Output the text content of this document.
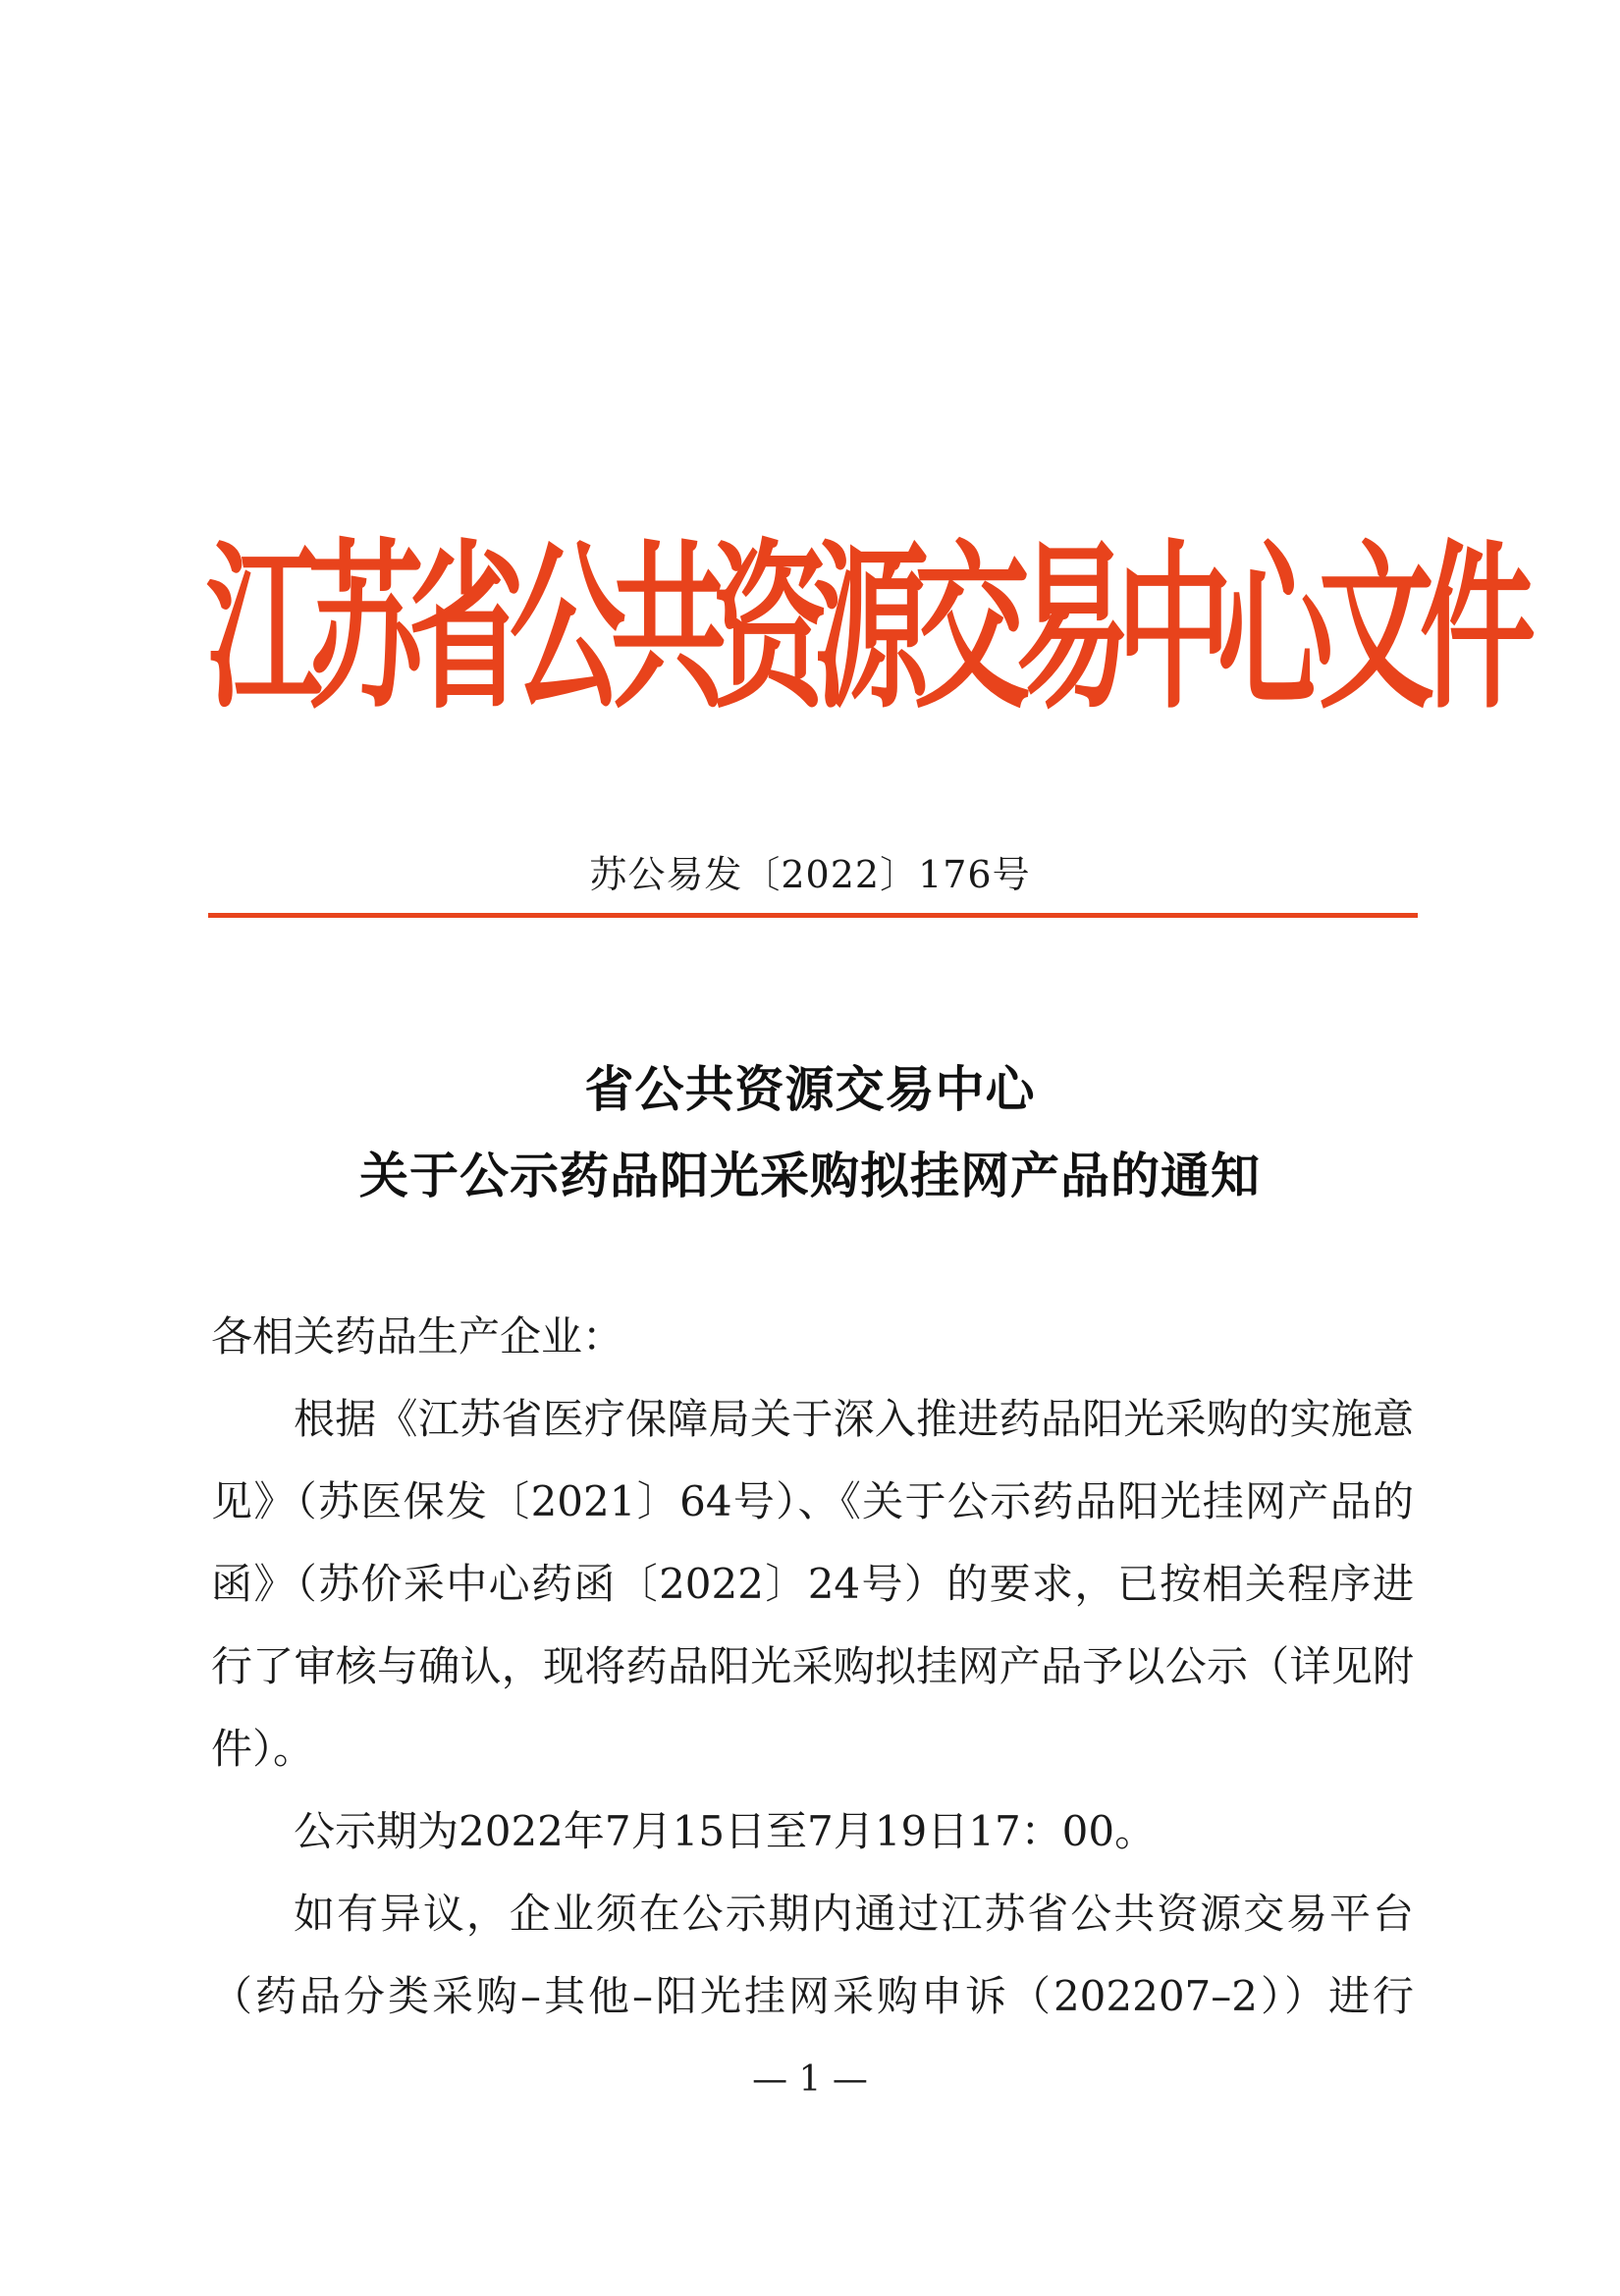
江
苏
省
公
共
资
源
交
易
中
心
文
件
苏公易发〔2022〕176号
省公共资源交易中心
关于公示药品阳光采购拟挂网产品的通知
各相关药品生产企业：
根据《江苏省医疗保障局关于深入推进药品阳光采购的实施意见》（苏医保发〔2021〕64号）、《关于公示药品阳光挂网产品的函》（苏价采中心药函〔2022〕24号）的要求，已按相关程序进行了审核与确认，现将药品阳光采购拟挂网产品予以公示（详见附件）。
公示期为2022年7月15日至7月19日17：00。
如有异议，企业须在公示期内通过江苏省公共资源交易平台（药品分类采购–其他–阳光挂网采购申诉（202207–2））进行
— 1 —
